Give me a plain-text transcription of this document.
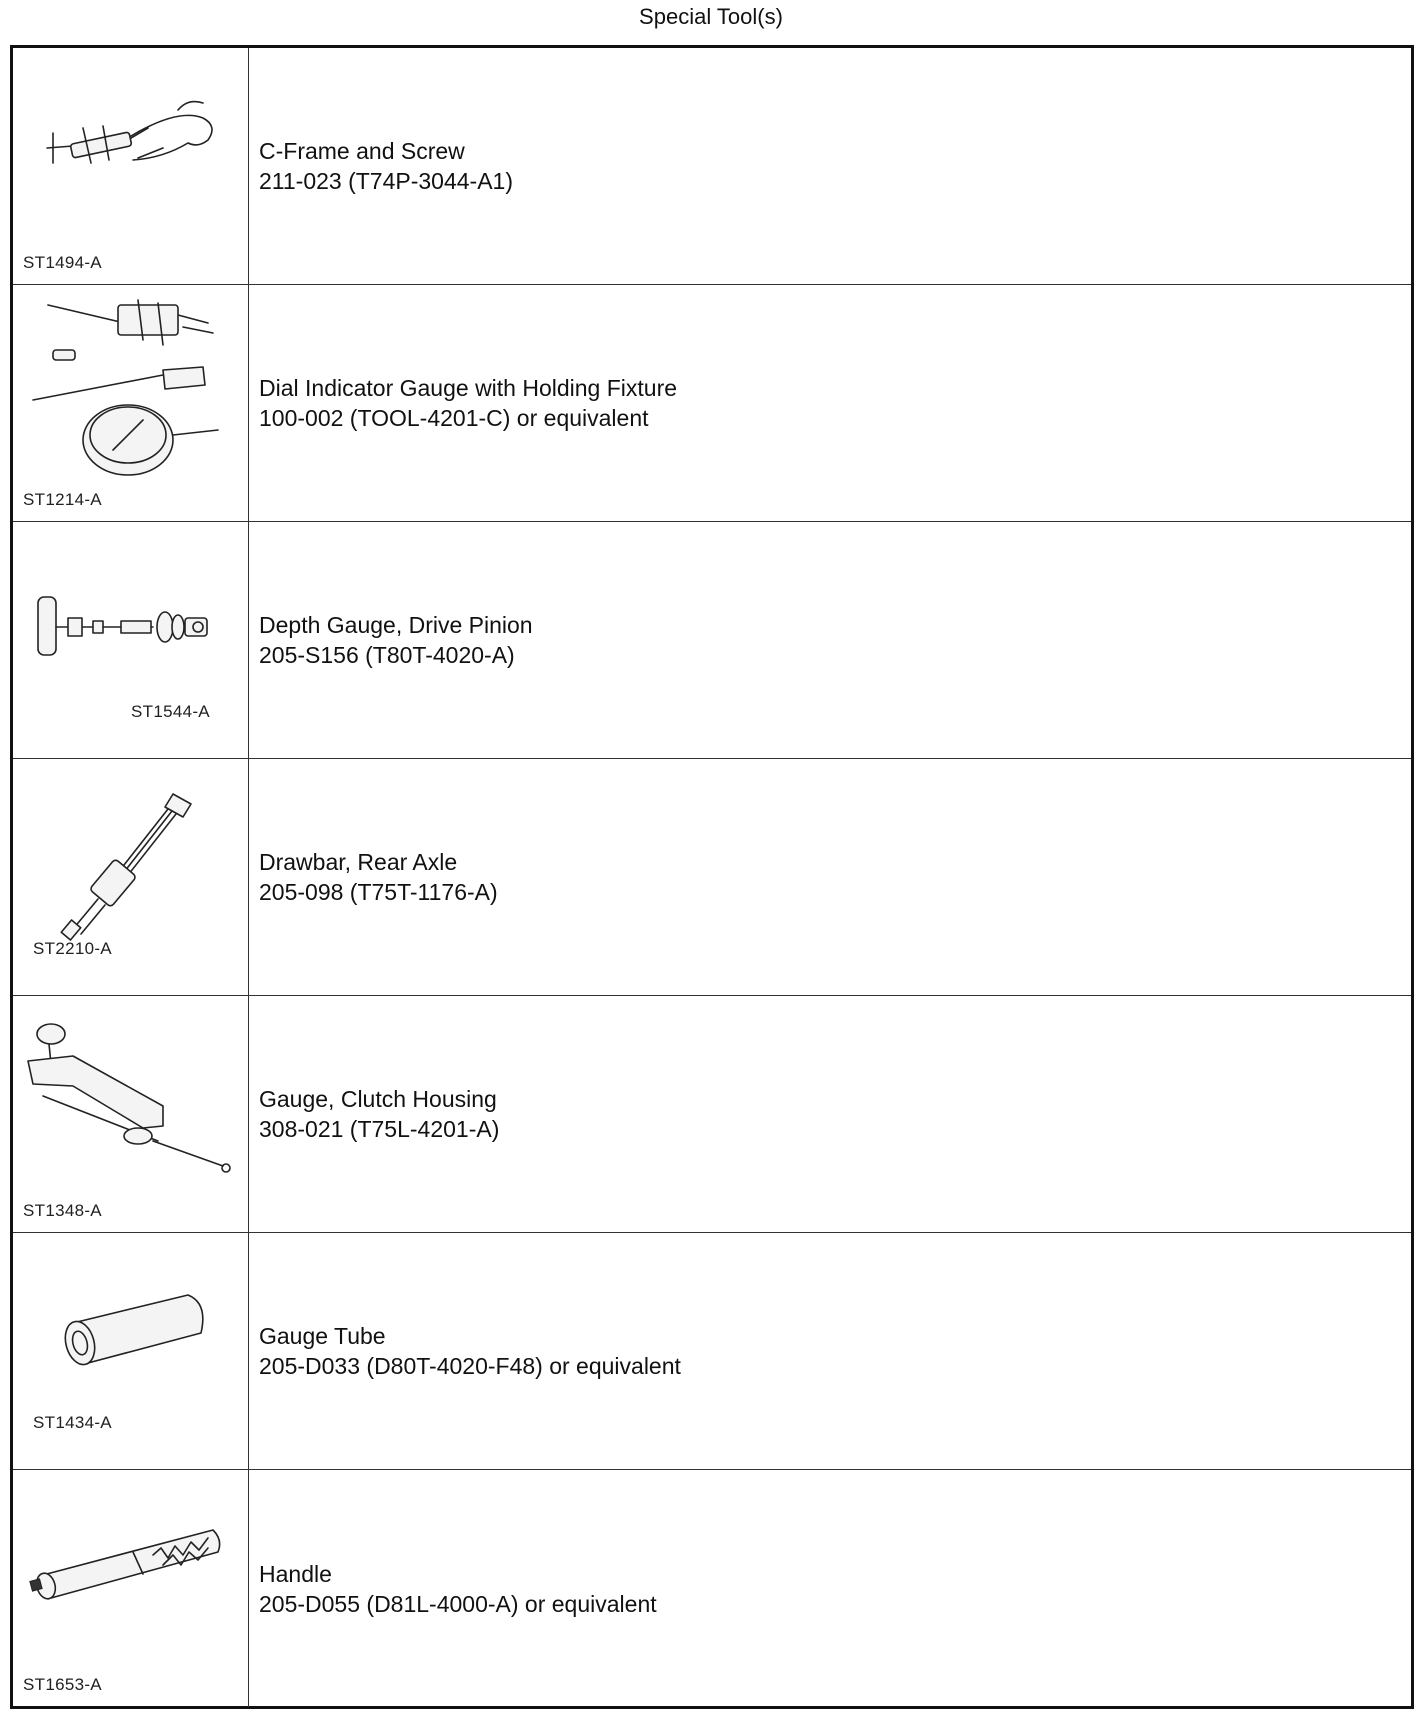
Special Tool(s)
ST1494-A
C-Frame and Screw
211-023 (T74P-3044-A1)
ST1214-A
Dial Indicator Gauge with Holding Fixture
100-002 (TOOL-4201-C) or equivalent
ST1544-A
Depth Gauge, Drive Pinion
205-S156 (T80T-4020-A)
ST2210-A
Drawbar, Rear Axle
205-098 (T75T-1176-A)
ST1348-A
Gauge, Clutch Housing
308-021 (T75L-4201-A)
ST1434-A
Gauge Tube
205-D033 (D80T-4020-F48) or equivalent
ST1653-A
Handle
205-D055 (D81L-4000-A) or equivalent
